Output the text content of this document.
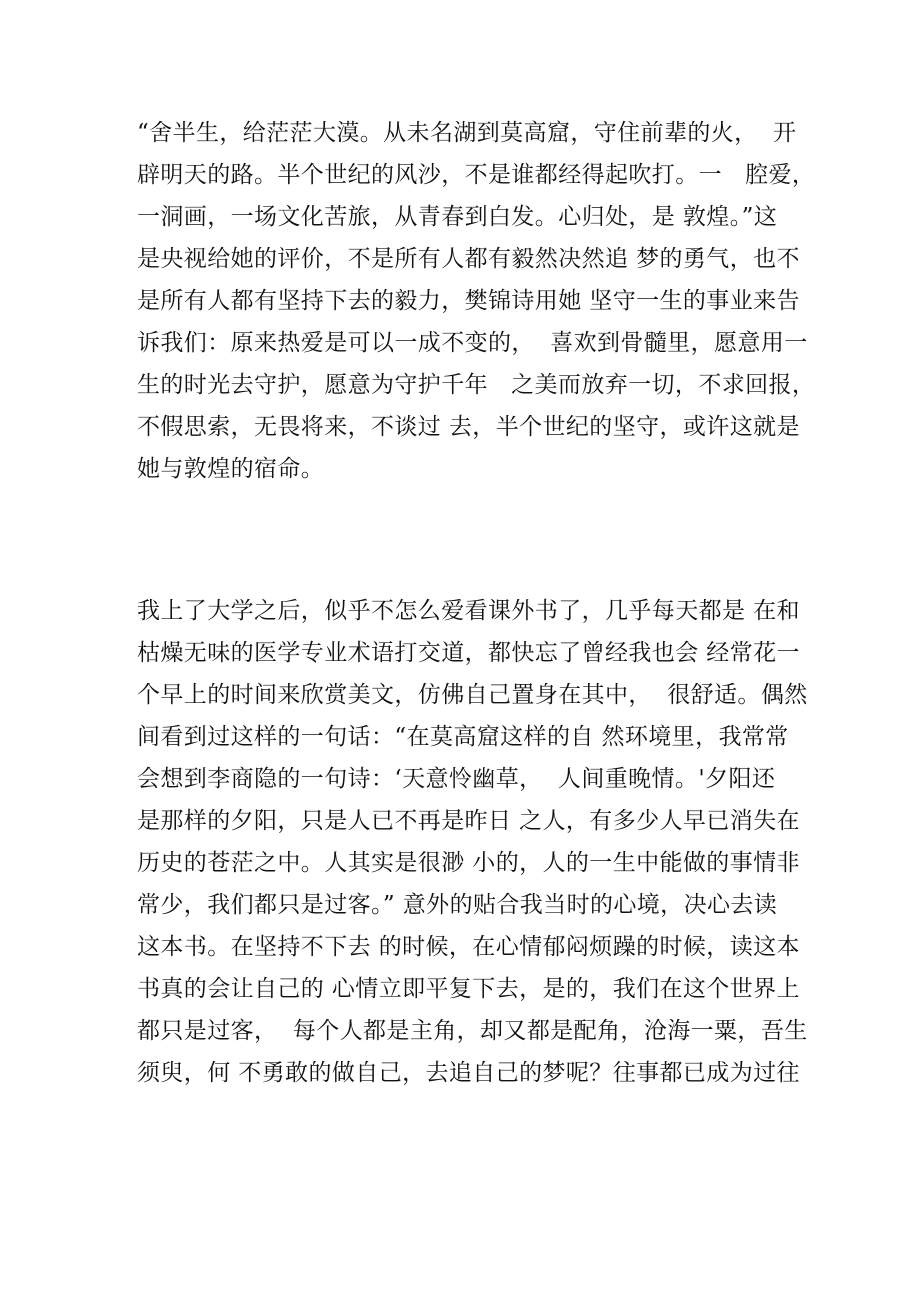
“舍半生，给茫茫大漠。从未名湖到莫高窟，守住前辈的火，  开
辟明天的路。半个世纪的风沙，不是谁都经得起吹打。一   腔爱，
一洞画，一场文化苦旅，从青春到白发。心归处，是 敦煌。”这
是央视给她的评价，不是所有人都有毅然决然追 梦的勇气，也不
是所有人都有坚持下去的毅力，樊锦诗用她 坚守一生的事业来告
诉我们：原来热爱是可以一成不变的，  喜欢到骨髓里，愿意用一
生的时光去守护，愿意为守护千年   之美而放弃一切，不求回报，
不假思索，无畏将来，不谈过 去，半个世纪的坚守，或许这就是
她与敦煌的宿命。
我上了大学之后，似乎不怎么爱看课外书了，几乎每天都是 在和
枯燥无味的医学专业术语打交道，都快忘了曾经我也会 经常花一
个早上的时间来欣赏美文，仿佛自己置身在其中，  很舒适。偶然
间看到过这样的一句话：“在莫高窟这样的自 然环境里，我常常
会想到李商隐的一句诗：‘天意怜幽草，  人间重晚情。'夕阳还
是那样的夕阳，只是人已不再是昨日 之人，有多少人早已消失在
历史的苍茫之中。人其实是很渺 小的，人的一生中能做的事情非
常少，我们都只是过客。” 意外的贴合我当时的心境，决心去读
这本书。在坚持不下去 的时候，在心情郁闷烦躁的时候，读这本
书真的会让自己的 心情立即平复下去，是的，我们在这个世界上
都只是过客，  每个人都是主角，却又都是配角，沧海一粟，吾生
须臾，何 不勇敢的做自己，去追自己的梦呢？往事都已成为过往
